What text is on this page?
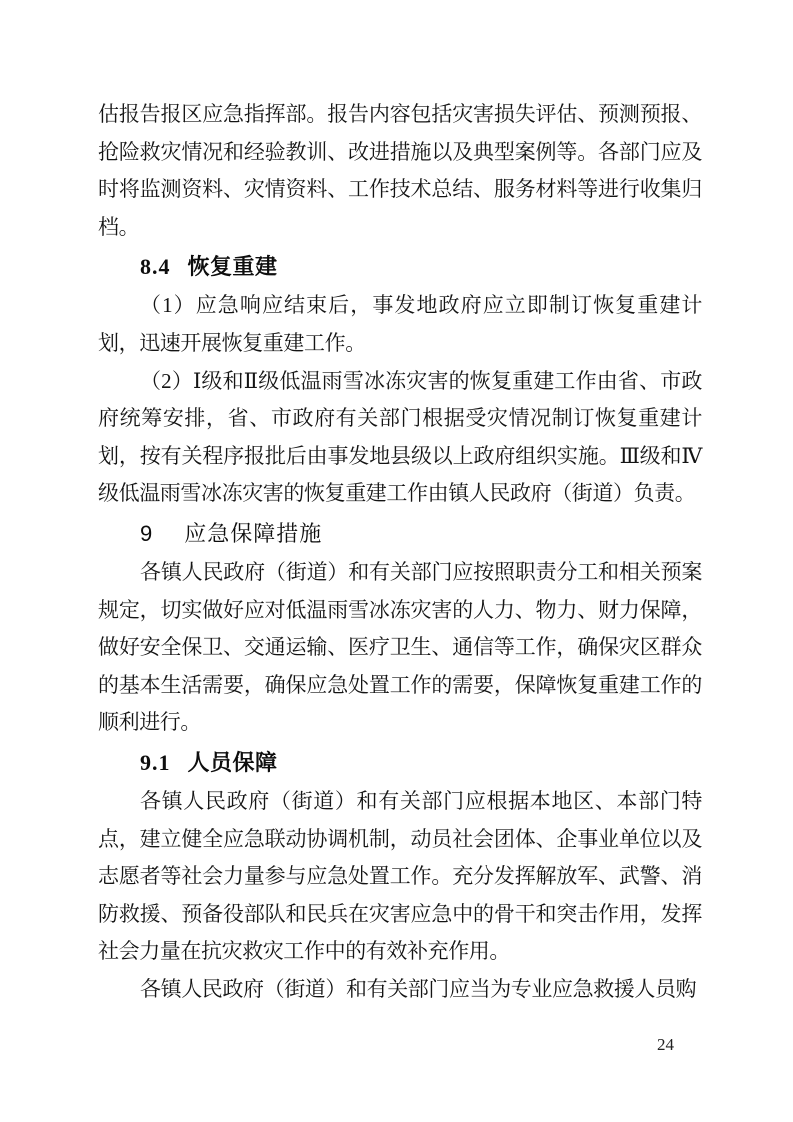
估报告报区应急指挥部。报告内容包括灾害损失评估、预测预报、抢险救灾情况和经验教训、改进措施以及典型案例等。各部门应及时将监测资料、灾情资料、工作技术总结、服务材料等进行收集归档。

8.4 恢复重建

（1）应急响应结束后，事发地政府应立即制订恢复重建计划，迅速开展恢复重建工作。

（2）Ⅰ级和Ⅱ级低温雨雪冰冻灾害的恢复重建工作由省、市政府统筹安排，省、市政府有关部门根据受灾情况制订恢复重建计划，按有关程序报批后由事发地县级以上政府组织实施。Ⅲ级和Ⅳ级低温雨雪冰冻灾害的恢复重建工作由镇人民政府（街道）负责。

9 应急保障措施

各镇人民政府（街道）和有关部门应按照职责分工和相关预案规定，切实做好应对低温雨雪冰冻灾害的人力、物力、财力保障，做好安全保卫、交通运输、医疗卫生、通信等工作，确保灾区群众的基本生活需要，确保应急处置工作的需要，保障恢复重建工作的顺利进行。

9.1 人员保障

各镇人民政府（街道）和有关部门应根据本地区、本部门特点，建立健全应急联动协调机制，动员社会团体、企事业单位以及志愿者等社会力量参与应急处置工作。充分发挥解放军、武警、消防救援、预备役部队和民兵在灾害应急中的骨干和突击作用，发挥社会力量在抗灾救灾工作中的有效补充作用。

各镇人民政府（街道）和有关部门应当为专业应急救援人员购

24
